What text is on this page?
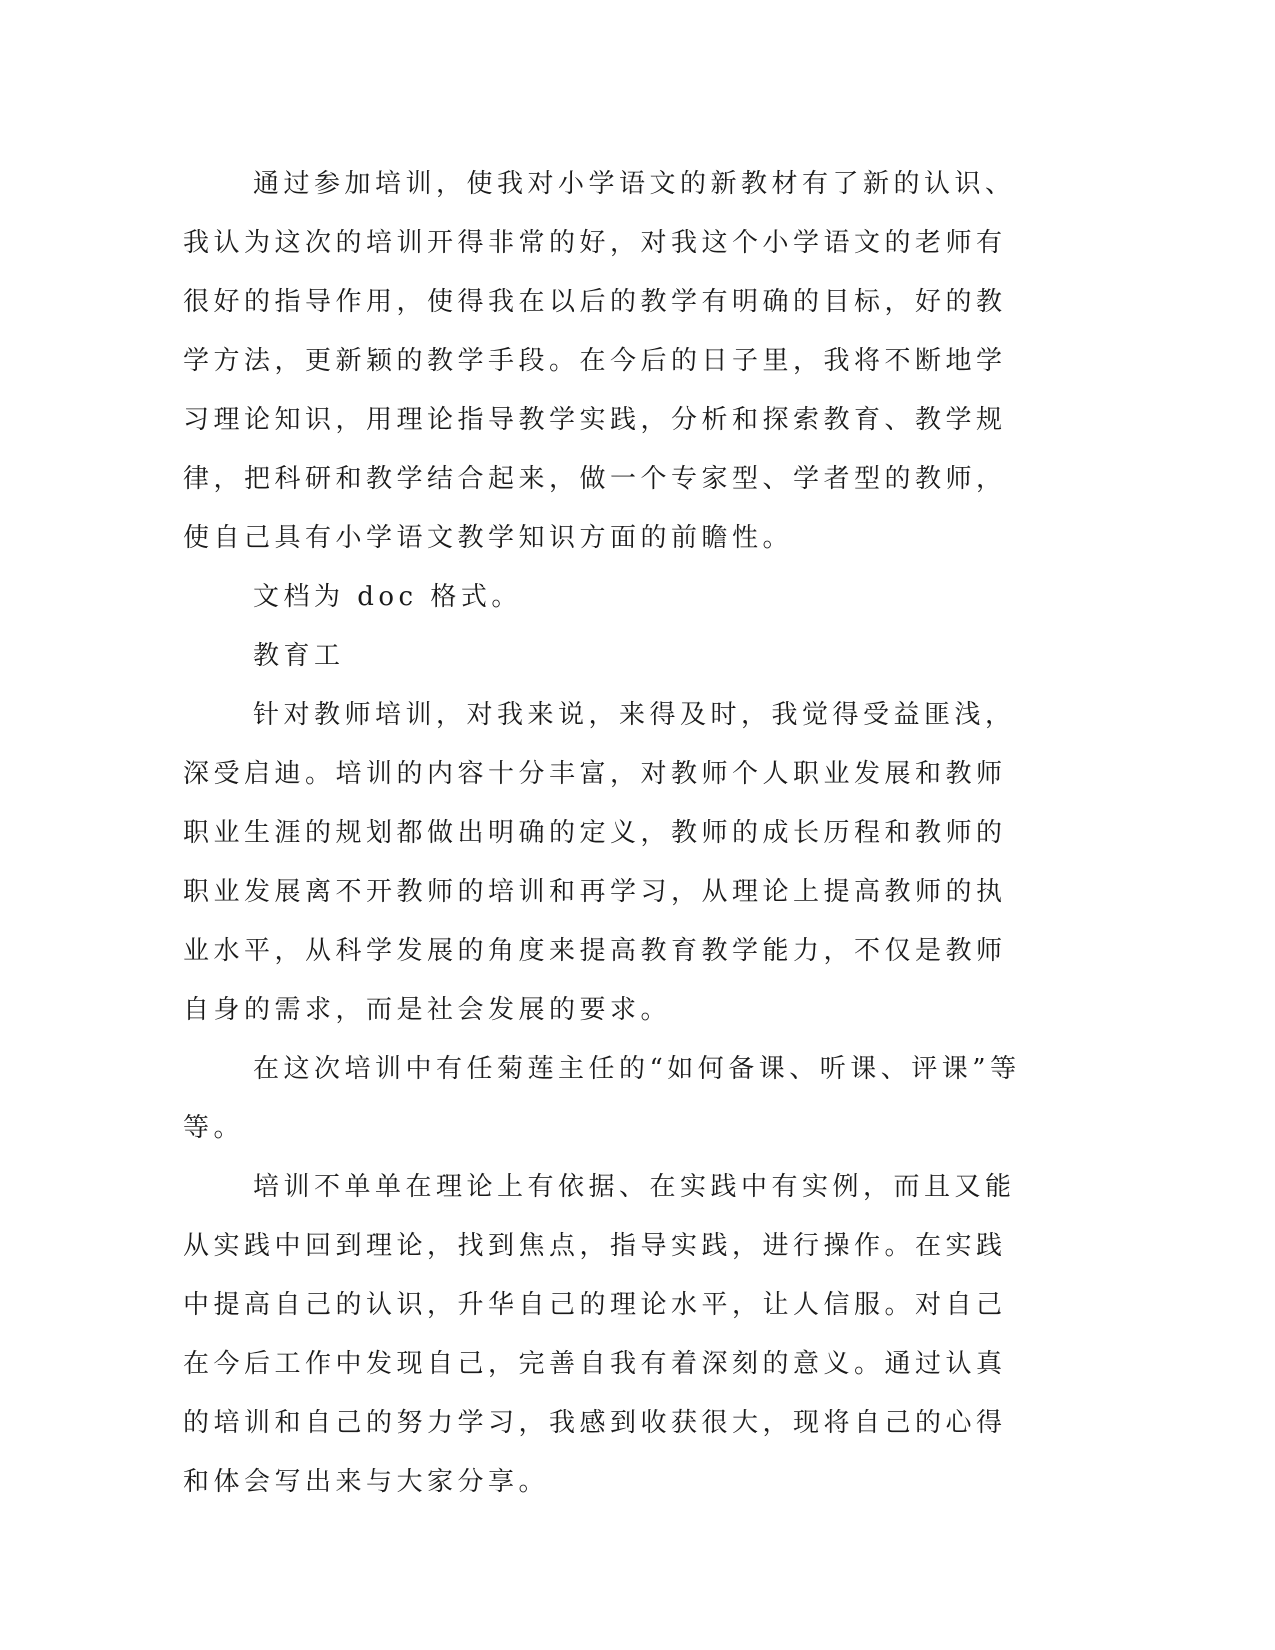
通过参加培训，使我对小学语文的新教材有了新的认识、我认为这次的培训开得非常的好，对我这个小学语文的老师有很好的指导作用，使得我在以后的教学有明确的目标，好的教学方法，更新颖的教学手段。在今后的日子里，我将不断地学习理论知识，用理论指导教学实践，分析和探索教育、教学规律，把科研和教学结合起来，做一个专家型、学者型的教师，使自己具有小学语文教学知识方面的前瞻性。

文档为 doc 格式。

教育工

针对教师培训，对我来说，来得及时，我觉得受益匪浅，深受启迪。培训的内容十分丰富，对教师个人职业发展和教师职业生涯的规划都做出明确的定义，教师的成长历程和教师的职业发展离不开教师的培训和再学习，从理论上提高教师的执业水平，从科学发展的角度来提高教育教学能力，不仅是教师自身的需求，而是社会发展的要求。

在这次培训中有任菊莲主任的“如何备课、听课、评课”等等。

培训不单单在理论上有依据、在实践中有实例，而且又能从实践中回到理论，找到焦点，指导实践，进行操作。在实践中提高自己的认识，升华自己的理论水平，让人信服。对自己在今后工作中发现自己，完善自我有着深刻的意义。通过认真的培训和自己的努力学习，我感到收获很大，现将自己的心得和体会写出来与大家分享。
